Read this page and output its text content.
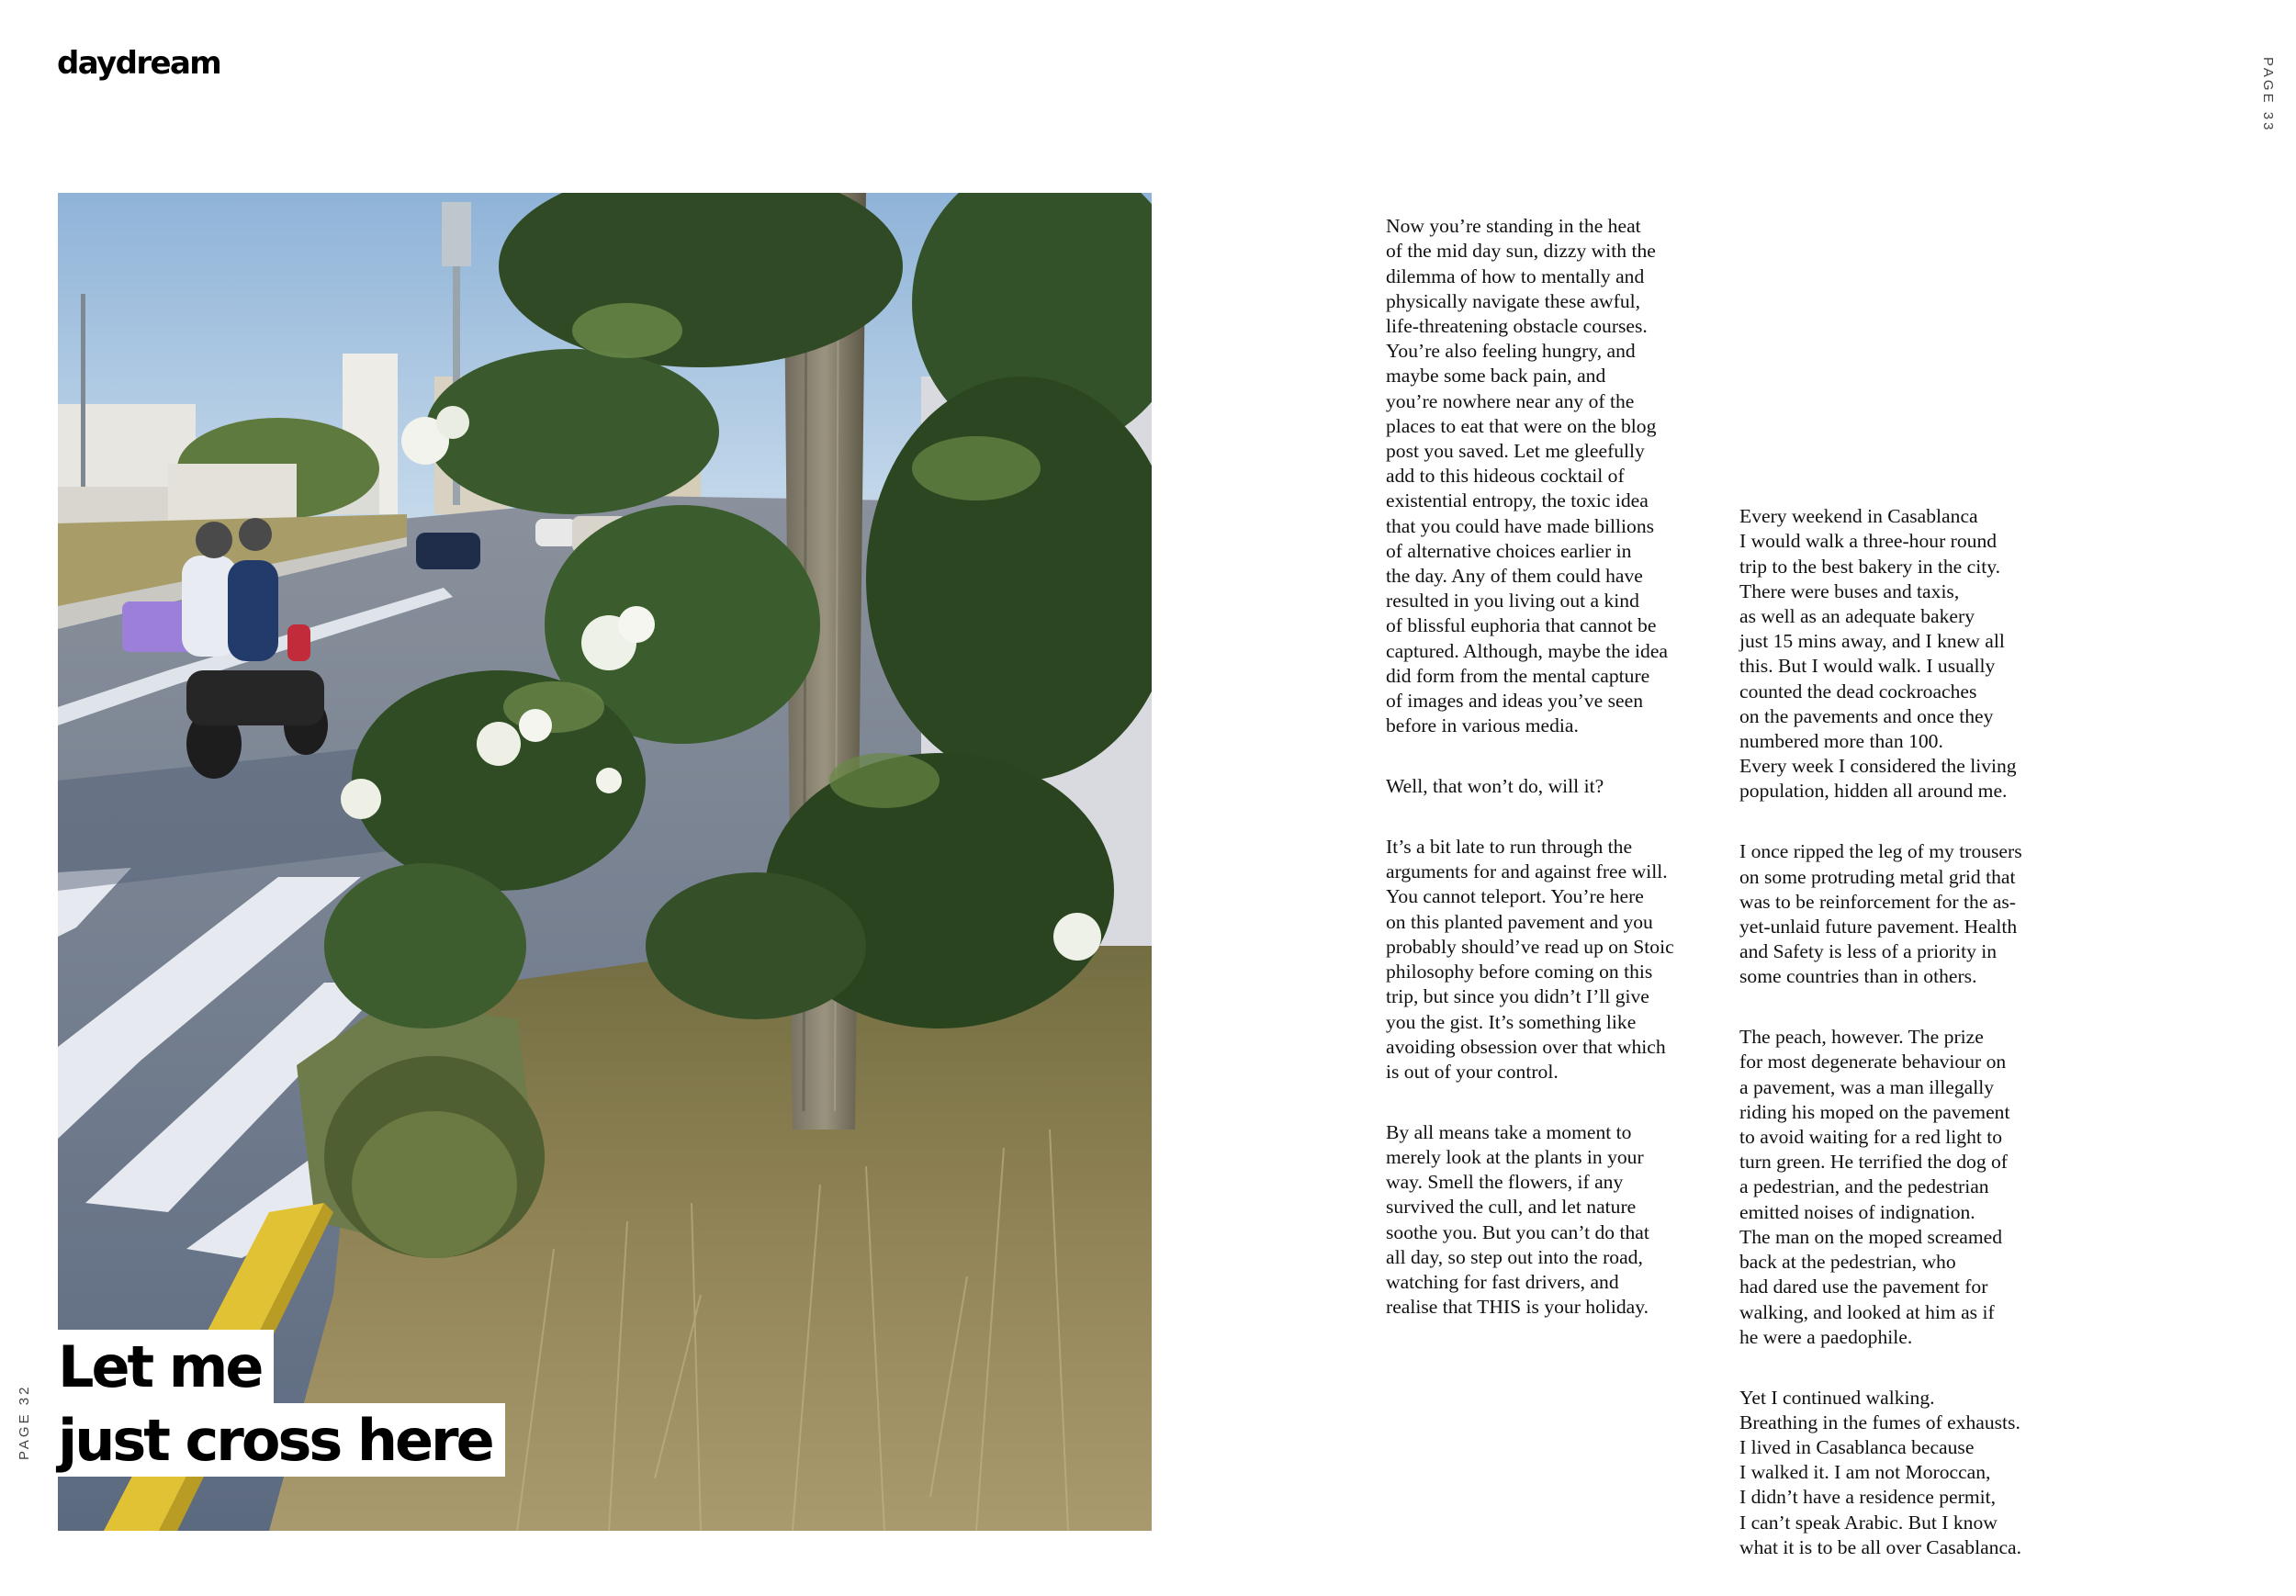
daydream	PAGE 33
Let me
just cross here
PAGE 32

Now you’re standing in the heat
of the mid day sun, dizzy with the
dilemma of how to mentally and
physically navigate these awful,
life-threatening obstacle courses.
You’re also feeling hungry, and
maybe some back pain, and
you’re nowhere near any of the
places to eat that were on the blog
post you saved. Let me gleefully
add to this hideous cocktail of
existential entropy, the toxic idea
that you could have made billions
of alternative choices earlier in
the day. Any of them could have
resulted in you living out a kind
of blissful euphoria that cannot be
captured. Although, maybe the idea
did form from the mental capture
of images and ideas you’ve seen
before in various media.

Well, that won’t do, will it?

It’s a bit late to run through the
arguments for and against free will.
You cannot teleport. You’re here
on this planted pavement and you
probably should’ve read up on Stoic
philosophy before coming on this
trip, but since you didn’t I’ll give
you the gist. It’s something like
avoiding obsession over that which
is out of your control.

By all means take a moment to
merely look at the plants in your
way. Smell the flowers, if any
survived the cull, and let nature
soothe you. But you can’t do that
all day, so step out into the road,
watching for fast drivers, and
realise that THIS is your holiday.

Every weekend in Casablanca
I would walk a three-hour round
trip to the best bakery in the city.
There were buses and taxis,
as well as an adequate bakery
just 15 mins away, and I knew all
this. But I would walk. I usually
counted the dead cockroaches
on the pavements and once they
numbered more than 100.
Every week I considered the living
population, hidden all around me.

I once ripped the leg of my trousers
on some protruding metal grid that
was to be reinforcement for the as-
yet-unlaid future pavement. Health
and Safety is less of a priority in
some countries than in others.

The peach, however. The prize
for most degenerate behaviour on
a pavement, was a man illegally
riding his moped on the pavement
to avoid waiting for a red light to
turn green. He terrified the dog of
a pedestrian, and the pedestrian
emitted noises of indignation.
The man on the moped screamed
back at the pedestrian, who
had dared use the pavement for
walking, and looked at him as if
he were a paedophile.

Yet I continued walking.
Breathing in the fumes of exhausts.
I lived in Casablanca because
I walked it. I am not Moroccan,
I didn’t have a residence permit,
I can’t speak Arabic. But I know
what it is to be all over Casablanca.
